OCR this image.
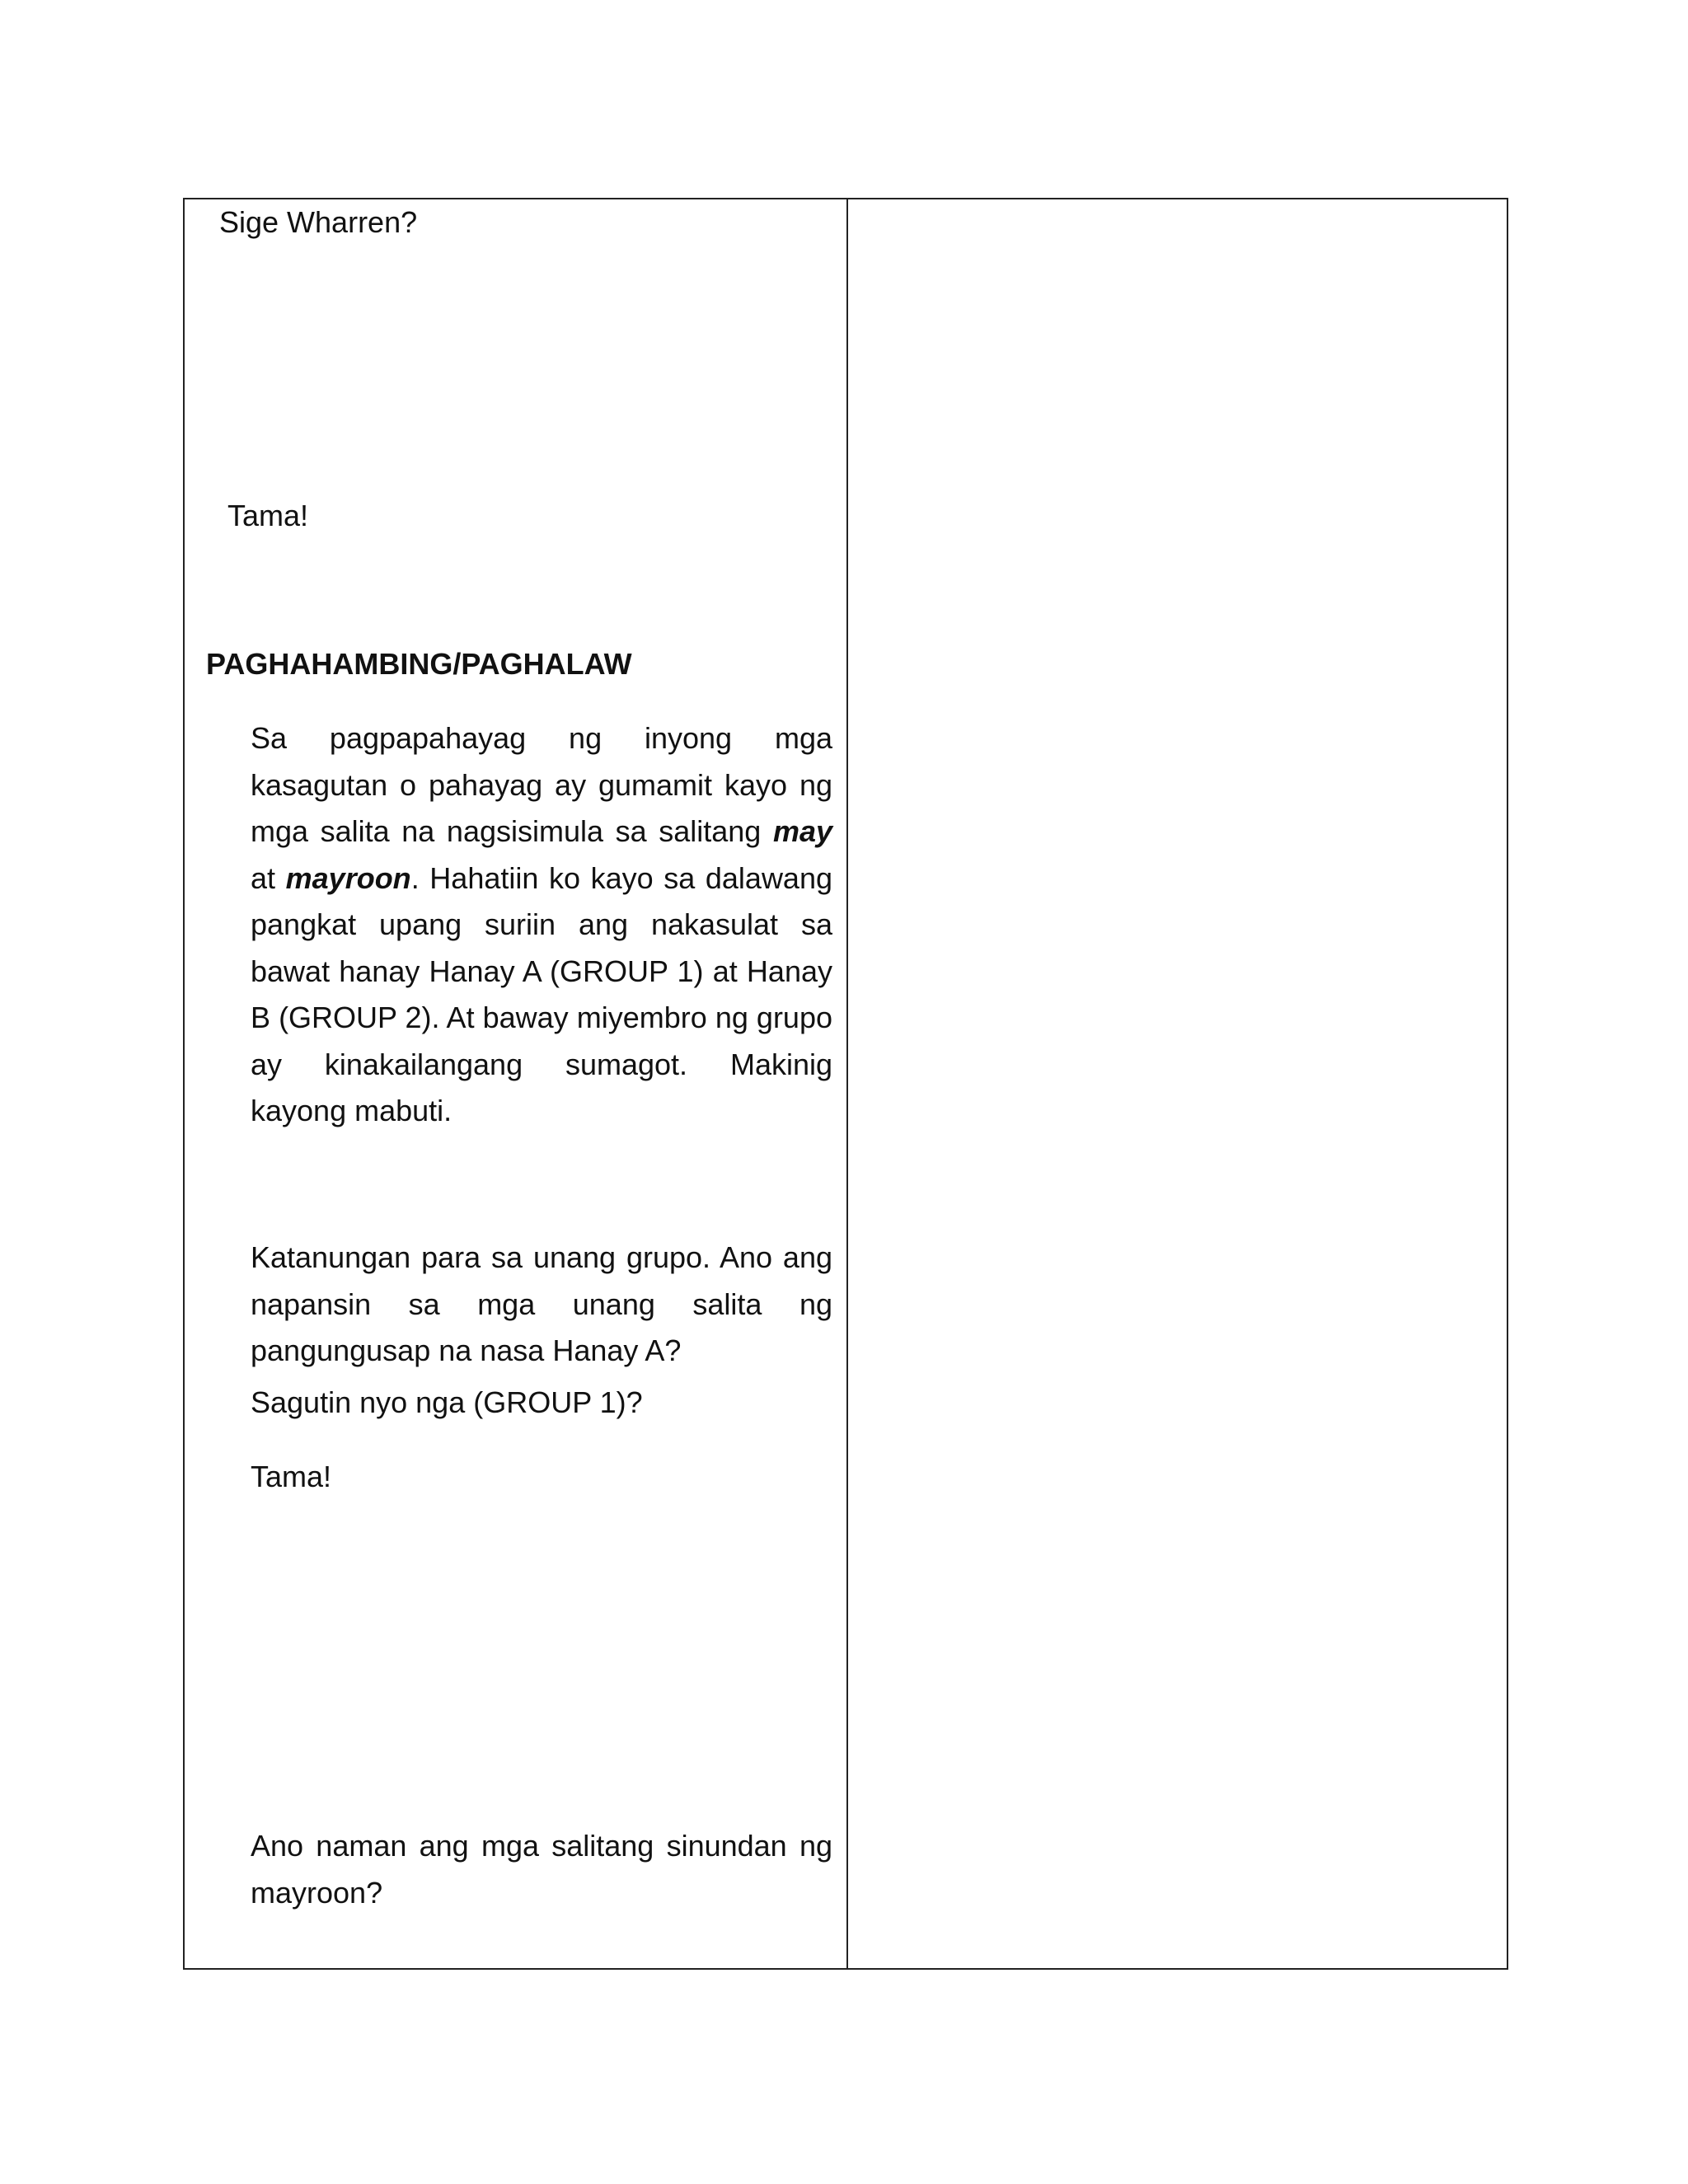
Sige Wharren?

Tama!

PAGHAHAMBING/PAGHALAW

Sa pagpapahayag ng inyong mga kasagutan o pahayag ay gumamit kayo ng mga salita na nagsisimula sa salitang may at mayroon. Hahatiin ko kayo sa dalawang pangkat upang suriin ang nakasulat sa bawat hanay Hanay A (GROUP 1) at Hanay B (GROUP 2). At baway miyembro ng grupo ay kinakailangang sumagot. Makinig kayong mabuti.

Katanungan para sa unang grupo. Ano ang napansin sa mga unang salita ng pangungusap na nasa Hanay A?

Sagutin nyo nga (GROUP 1)?

Tama!

Ano naman ang mga salitang sinundan ng mayroon?
